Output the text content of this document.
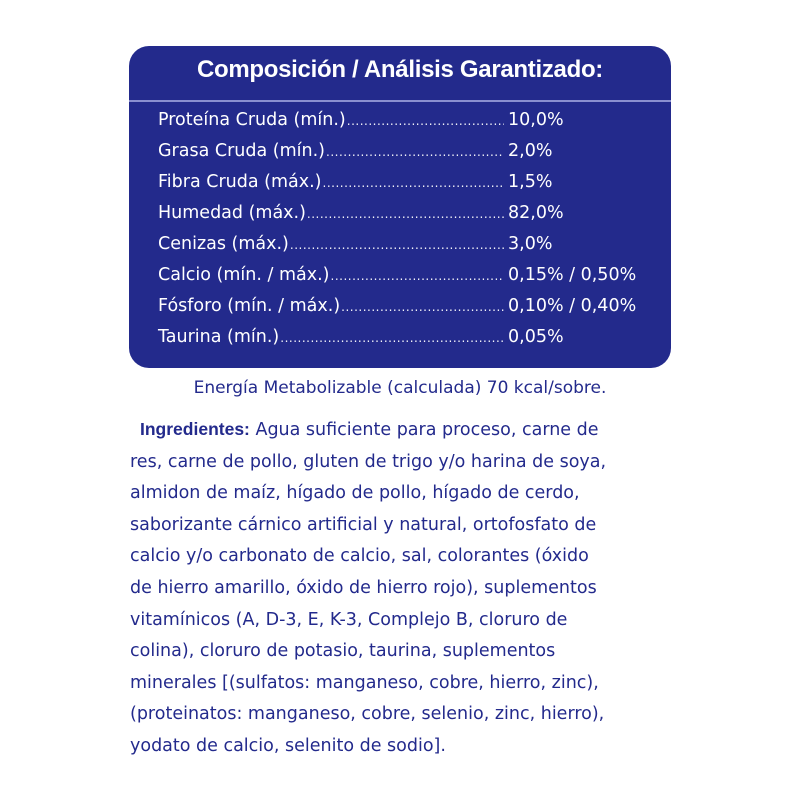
Composición / Análisis Garantizado:
Proteína Cruda (mín.) .....	10,0%
Grasa Cruda (mín.) .....	2,0%
Fibra Cruda (máx.) .....	1,5%
Humedad (máx.) .....	82,0%
Cenizas (máx.) .....	3,0%
Calcio (mín. / máx.) .....	0,15% / 0,50%
Fósforo (mín. / máx.) .....	0,10% / 0,40%
Taurina (mín.) .....	0,05%
Energía Metabolizable (calculada) 70 kcal/sobre.
Ingredientes: Agua suficiente para proceso, carne de
res, carne de pollo, gluten de trigo y/o harina de soya,
almidon de maíz, hígado de pollo, hígado de cerdo,
saborizante cárnico artificial y natural, ortofosfato de
calcio y/o carbonato de calcio, sal, colorantes (óxido
de hierro amarillo, óxido de hierro rojo), suplementos
vitamínicos (A, D-3, E, K-3, Complejo B, cloruro de
colina), cloruro de potasio, taurina, suplementos
minerales [(sulfatos: manganeso, cobre, hierro, zinc),
(proteinatos: manganeso, cobre, selenio, zinc, hierro),
yodato de calcio, selenito de sodio].
